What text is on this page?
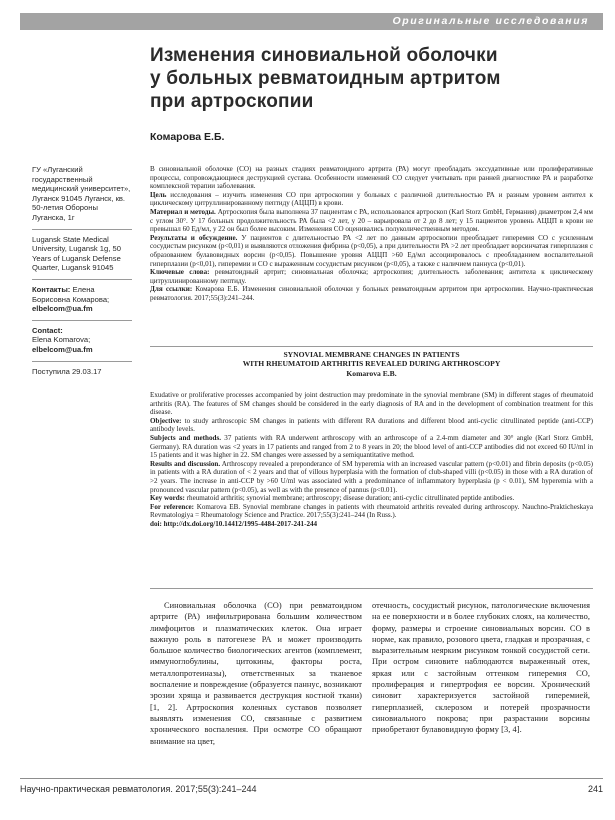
Оригинальные исследования
Изменения синовиальной оболочки
у больных ревматоидным артритом
при артроскопии
Комарова Е.Б.

ГУ «Луганский государственный медицинский университет», Луганск 91045 Луганск, кв. 50-летия Обороны Луганска, 1г

Lugansk State Medical University, Lugansk 1g, 50 Years of Lugansk Defense Quarter, Lugansk 91045

Контакты: Елена Борисовна Комарова;
elbelcom@ua.fm

Contact:
Elena Komarova;
elbelcom@ua.fm

Поступила 29.03.17

В синовиальной оболочке (СО) на разных стадиях ревматоидного артрита (РА) могут преобладать экссудативные или пролиферативные процессы, сопровождающиеся деструкцией сустава. Особенности изменений СО следует учитывать при ранней диагностике РА и разработке комплексной терапии заболевания.

Цель исследования – изучить изменения СО при артроскопии у больных с различной длительностью РА и разным уровнем антител к циклическому цитруллинированному пептиду (АЦЦП) в крови.

Материал и методы. Артроскопия была выполнена 37 пациентам с РА, использовался артроскоп (Karl Storz GmbH, Германия) диаметром 2,4 мм с углом 30°. У 17 больных продолжительность РА была <2 лет, у 20 – варьировала от 2 до 8 лет; у 15 пациентов уровень АЦЦП в крови не превышал 60 Ед/мл, у 22 он был более высоким. Изменения СО оценивались полуколичественным методом.

Результаты и обсуждение. У пациентов с длительностью РА <2 лет по данным артроскопии преобладает гиперемия СО с усиленным сосудистым рисунком (р<0,01) и выявляются отложения фибрина (р<0,05), а при длительности РА >2 лет преобладает ворсинчатая гиперплазия с образованием булавовидных ворсин (р<0,05). Повышение уровня АЦЦП >60 Ед/мл ассоциировалось с преобладанием воспалительной гиперплазии (р<0,01), гиперемии и СО с выраженным сосудистым рисунком (р<0,05), а также с наличием паннуса (р<0,01).

Ключевые слова: ревматоидный артрит; синовиальная оболочка; артроскопия; длительность заболевания; антитела к циклическому цитруллинированному пептиду.

Для ссылки: Комарова Е.Б. Изменения синовиальной оболочки у больных ревматоидным артритом при артроскопии. Научно-практическая ревматология. 2017;55(3):241–244.

SYNOVIAL MEMBRANE CHANGES IN PATIENTS
WITH RHEUMATOID ARTHRITIS REVEALED DURING ARTHROSCOPY
Komarova E.B.

Exudative or proliferative processes accompanied by joint destruction may predominate in the synovial membrane (SM) in different stages of rheumatoid arthritis (RA). The features of SM changes should be considered in the early diagnosis of RA and in the development of combination treatment for this disease.

Objective: to study arthroscopic SM changes in patients with different RA durations and different blood anti-cyclic citrullinated peptide (anti-CCP) antibody levels.

Subjects and methods. 37 patients with RA underwent arthroscopy with an arthroscope of a 2.4-mm diameter and 30° angle (Karl Storz GmbH, Germany). RA duration was <2 years in 17 patients and ranged from 2 to 8 years in 20; the blood level of anti-CCP antibodies did not exceed 60 IU/ml in 15 patients and it was higher in 22. SM changes were assessed by a semiquantitative method.

Results and discussion. Arthroscopy revealed a preponderance of SM hyperemia with an increased vascular pattern (p<0.01) and fibrin deposits (p<0.05) in patients with a RA duration of < 2 years and that of villous hyperplasia with the formation of club-shaped villi (p<0.05) in those with a RA duration of >2 years. The increase in anti-CCP by >60 U/ml was associated with a predominance of inflammatory hyperplasia (p < 0.01), SM hyperemia with a pronounced vascular pattern (p<0.05), as well as with the presence of pannus (p<0.01).

Key words: rheumatoid arthritis; synovial membrane; arthroscopy; disease duration; anti-cyclic citrullinated peptide antibodies.

For reference: Komarova EB. Synovial membrane changes in patients with rheumatoid arthritis revealed during arthroscopy. Nauchno-Prakticheskaya Revmatologiya = Rheumatology Science and Practice. 2017;55(3):241–244 (In Russ.).

doi: http://dx.doi.org/10.14412/1995-4484-2017-241-244

Синовиальная оболочка (СО) при ревматоидном артрите (РА) инфильтрирована большим количеством лимфоцитов и плазматических клеток. Она играет важную роль в патогенезе РА и может производить большое количество биологических агентов (комплемент, иммуноглобулины, цитокины, факторы роста, металлопротеиназы), ответственных за тканевое воспаление и повреждение (образуется паннус, возникают эрозии хряща и развивается деструкция костной ткани) [1, 2]. Артроскопия коленных суставов позволяет выявлять изменения СО, связанные с развитием хронического воспаления. При осмотре СО обращают внимание на цвет,

отечность, сосудистый рисунок, патологические включения на ее поверхности и в более глубоких слоях, на количество, форму, размеры и строение синовиальных ворсин. СО в норме, как правило, розового цвета, гладкая и прозрачная, с выразительным неярким рисунком тонкой сосудистой сети. При остром синовите наблюдаются выраженный отек, яркая или с застойным оттенком гиперемия СО, пролиферация и гипертрофия ее ворсин. Хронический синовит характеризуется застойной гиперемией, гиперплазией, склерозом и потерей прозрачности синовиального покрова; при разрастании ворсины приобретают булавовидную форму [3, 4].

Научно-практическая ревматология. 2017;55(3):241–244	241
